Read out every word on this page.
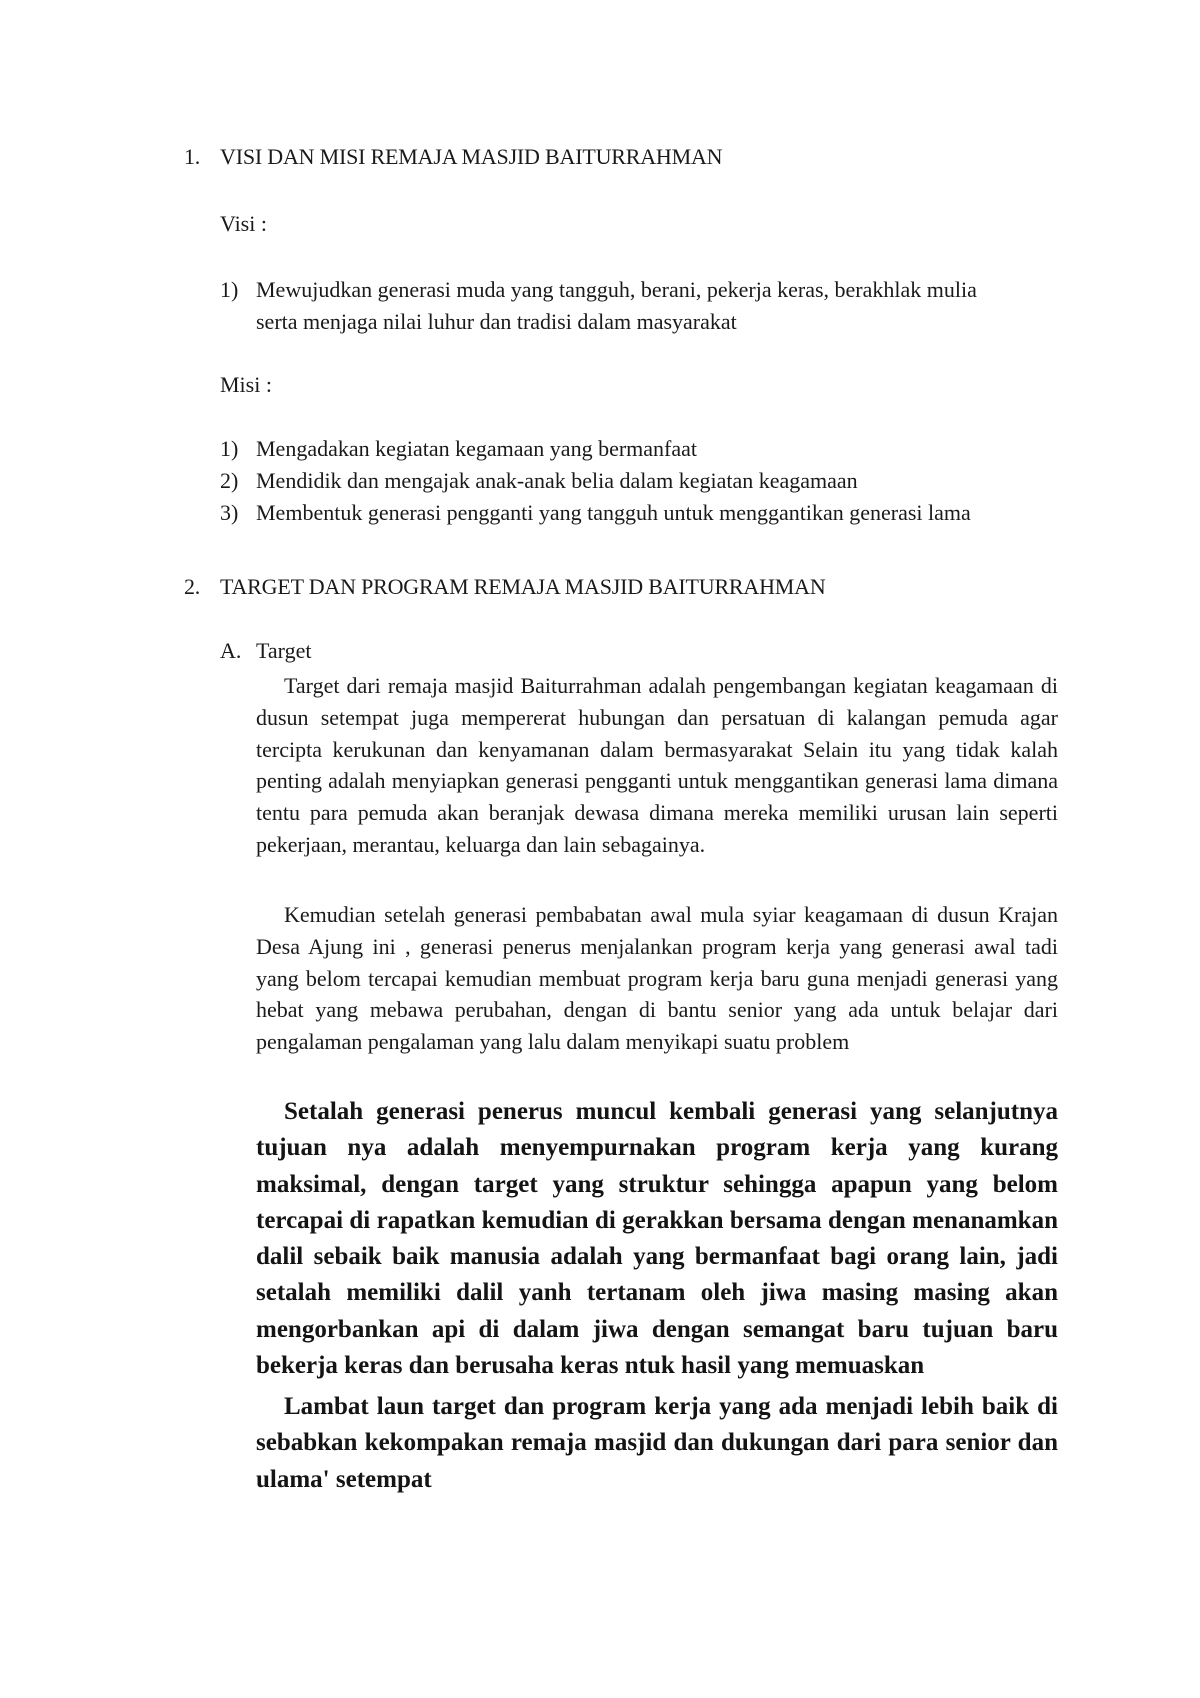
1. VISI DAN MISI REMAJA MASJID BAITURRAHMAN
Visi :
1) Mewujudkan generasi muda yang tangguh, berani, pekerja keras, berakhlak mulia
serta menjaga nilai luhur dan tradisi dalam masyarakat
Misi :
1) Mengadakan kegiatan kegamaan yang bermanfaat
2) Mendidik dan mengajak anak-anak belia dalam kegiatan keagamaan
3) Membentuk generasi pengganti yang tangguh untuk menggantikan generasi lama
2. TARGET DAN PROGRAM REMAJA MASJID BAITURRAHMAN
A. Target
Target dari remaja masjid Baiturrahman adalah pengembangan kegiatan keagamaan di dusun setempat juga mempererat hubungan dan persatuan di kalangan pemuda agar tercipta kerukunan dan kenyamanan dalam bermasyarakat Selain itu yang tidak kalah penting adalah menyiapkan generasi pengganti untuk menggantikan generasi lama dimana tentu para pemuda akan beranjak dewasa dimana mereka memiliki urusan lain seperti pekerjaan, merantau, keluarga dan lain sebagainya.
Kemudian setelah generasi pembabatan awal mula syiar keagamaan di dusun Krajan Desa Ajung ini , generasi penerus menjalankan program kerja yang generasi awal tadi yang belom tercapai kemudian membuat program kerja baru guna menjadi generasi yang hebat yang mebawa perubahan, dengan di bantu senior yang ada untuk belajar dari pengalaman pengalaman yang lalu dalam menyikapi suatu problem
Setalah generasi penerus muncul kembali generasi yang selanjutnya tujuan nya adalah menyempurnakan program kerja yang kurang maksimal, dengan target yang struktur sehingga apapun yang belom tercapai di rapatkan kemudian di gerakkan bersama dengan menanamkan dalil sebaik baik manusia adalah yang bermanfaat bagi orang lain, jadi setalah memiliki dalil yanh tertanam oleh jiwa masing masing akan mengorbankan api di dalam jiwa dengan semangat baru tujuan baru bekerja keras dan berusaha keras ntuk hasil yang memuaskan
Lambat laun target dan program kerja yang ada menjadi lebih baik di sebabkan kekompakan remaja masjid dan dukungan dari para senior dan ulama' setempat
